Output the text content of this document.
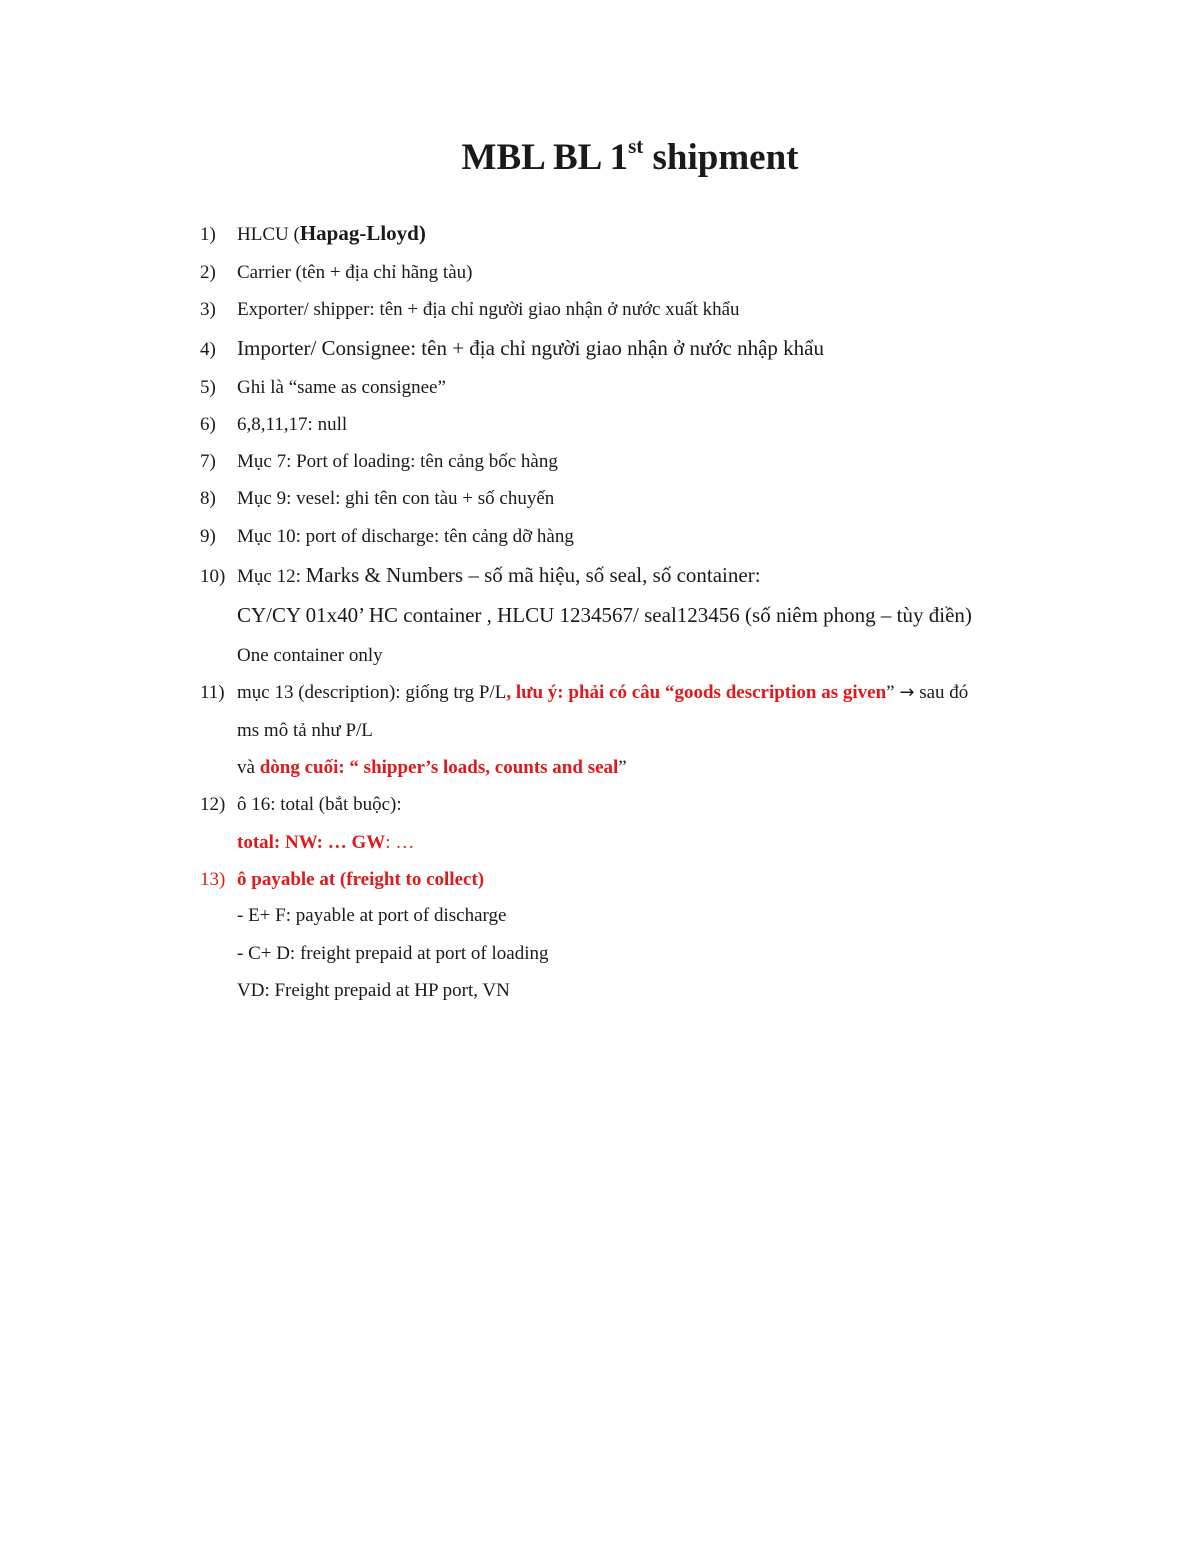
MBL BL 1st shipment
1) HLCU (Hapag-Lloyd)
2) Carrier (tên + địa chỉ hãng tàu)
3) Exporter/ shipper: tên + địa chỉ người giao nhận ở nước xuất khẩu
4) Importer/ Consignee: tên + địa chỉ người giao nhận ở nước nhập khẩu
5) Ghi là “same as consignee”
6) 6,8,11,17: null
7) Mục 7: Port of loading: tên cảng bốc hàng
8) Mục 9: vesel: ghi tên con tàu + số chuyến
9) Mục 10: port of discharge: tên cảng dỡ hàng
10) Mục 12: Marks & Numbers – số mã hiệu, số seal, số container:
CY/CY 01x40’ HC container , HLCU 1234567/ seal123456 (số niêm phong – tùy điền)
One container only
11) mục 13 (description): giống trg P/L, lưu ý: phải có câu “goods description as given” → sau đó
ms mô tả như P/L
và dòng cuối: “ shipper’s loads, counts and seal”
12) ô 16: total (bắt buộc):
total: NW: … GW: …
13) ô payable at (freight to collect)
- E+ F: payable at port of discharge
- C+ D: freight prepaid at port of loading
VD: Freight prepaid at HP port, VN
